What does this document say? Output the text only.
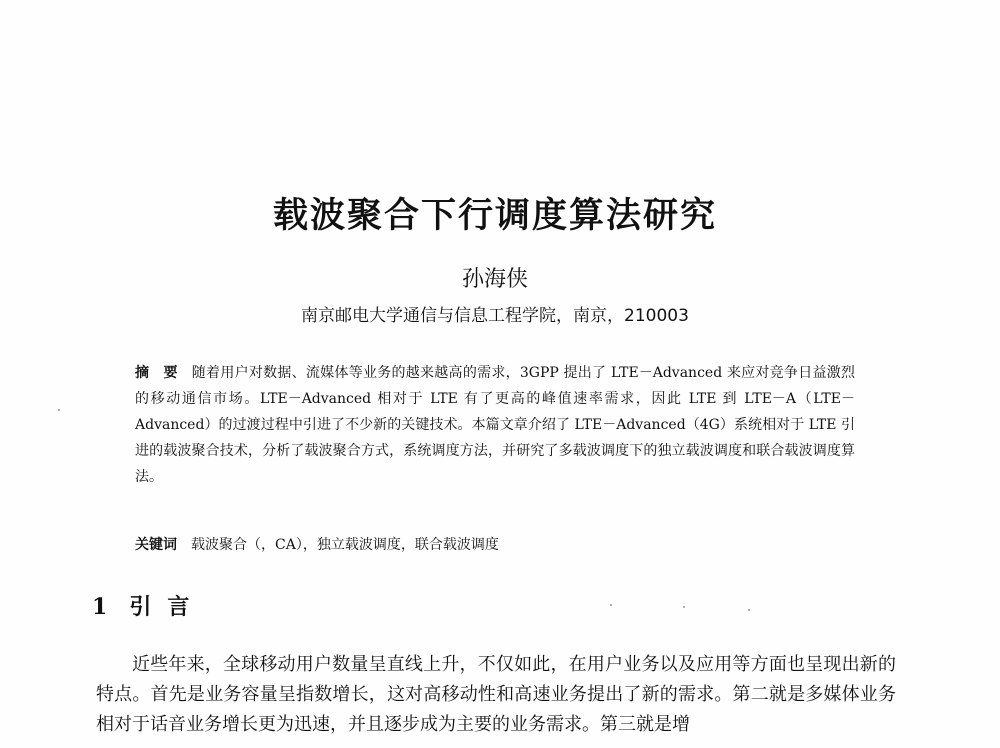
载波聚合下行调度算法研究
孙海侠
南京邮电大学通信与信息工程学院，南京，210003
摘　要 随着用户对数据、流媒体等业务的越来越高的需求，3GPP 提出了 LTE－Advanced 来应对竞争日益激烈的移动通信市场。LTE－Advanced 相对于 LTE 有了更高的峰值速率需求，因此 LTE 到 LTE－A（LTE－Advanced）的过渡过程中引进了不少新的关键技术。本篇文章介绍了 LTE－Advanced（4G）系统相对于 LTE 引进的载波聚合技术，分析了载波聚合方式，系统调度方法，并研究了多载波调度下的独立载波调度和联合载波调度算法。
关键词 载波聚合（，CA），独立载波调度，联合载波调度
1 引言

近些年来，全球移动用户数量呈直线上升，不仅如此，在用户业务以及应用等方面也呈现出新的特点。首先是业务容量呈指数增长，这对高移动性和高速业务提出了新的需求。第二就是多媒体业务相对于话音业务增长更为迅速，并且逐步成为主要的业务需求。第三就是增
